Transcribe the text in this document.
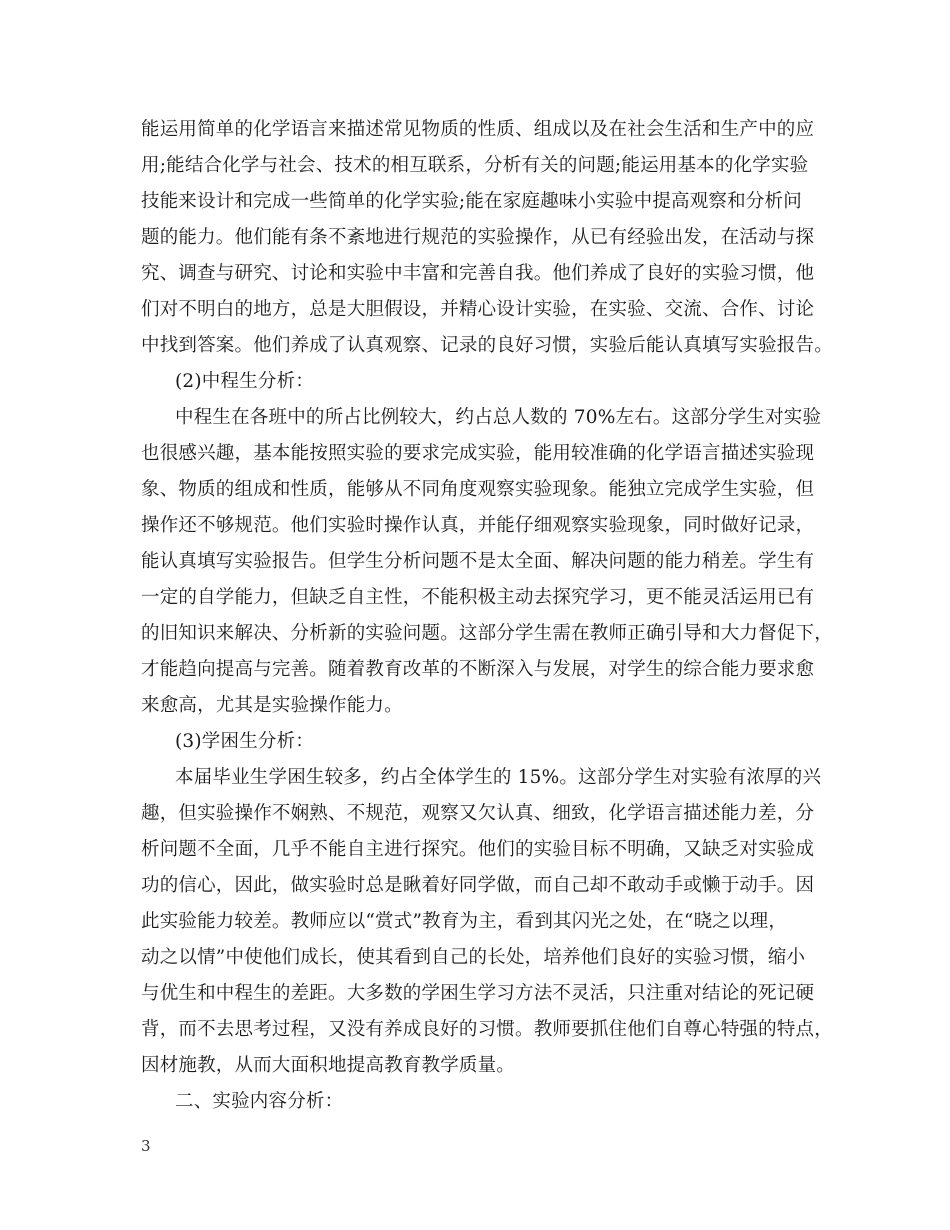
能运用简单的化学语言来描述常见物质的性质、组成以及在社会生活和生产中的应
用;能结合化学与社会、技术的相互联系，分析有关的问题;能运用基本的化学实验
技能来设计和完成一些简单的化学实验;能在家庭趣味小实验中提高观察和分析问
题的能力。他们能有条不紊地进行规范的实验操作，从已有经验出发，在活动与探
究、调查与研究、讨论和实验中丰富和完善自我。他们养成了良好的实验习惯，他
们对不明白的地方，总是大胆假设，并精心设计实验，在实验、交流、合作、讨论
中找到答案。他们养成了认真观察、记录的良好习惯，实验后能认真填写实验报告。
(2)中程生分析：
中程生在各班中的所占比例较大，约占总人数的 70%左右。这部分学生对实验
也很感兴趣，基本能按照实验的要求完成实验，能用较准确的化学语言描述实验现
象、物质的组成和性质，能够从不同角度观察实验现象。能独立完成学生实验，但
操作还不够规范。他们实验时操作认真，并能仔细观察实验现象，同时做好记录，
能认真填写实验报告。但学生分析问题不是太全面、解决问题的能力稍差。学生有
一定的自学能力，但缺乏自主性，不能积极主动去探究学习，更不能灵活运用已有
的旧知识来解决、分析新的实验问题。这部分学生需在教师正确引导和大力督促下，
才能趋向提高与完善。随着教育改革的不断深入与发展，对学生的综合能力要求愈
来愈高，尤其是实验操作能力。
(3)学困生分析：
本届毕业生学困生较多，约占全体学生的 15%。这部分学生对实验有浓厚的兴
趣，但实验操作不娴熟、不规范，观察又欠认真、细致，化学语言描述能力差，分
析问题不全面，几乎不能自主进行探究。他们的实验目标不明确，又缺乏对实验成
功的信心，因此，做实验时总是瞅着好同学做，而自己却不敢动手或懒于动手。因
此实验能力较差。教师应以“赏式”教育为主，看到其闪光之处，在“晓之以理，
动之以情”中使他们成长，使其看到自己的长处，培养他们良好的实验习惯，缩小
与优生和中程生的差距。大多数的学困生学习方法不灵活，只注重对结论的死记硬
背，而不去思考过程，又没有养成良好的习惯。教师要抓住他们自尊心特强的特点，
因材施教，从而大面积地提高教育教学质量。
二、实验内容分析：
3
